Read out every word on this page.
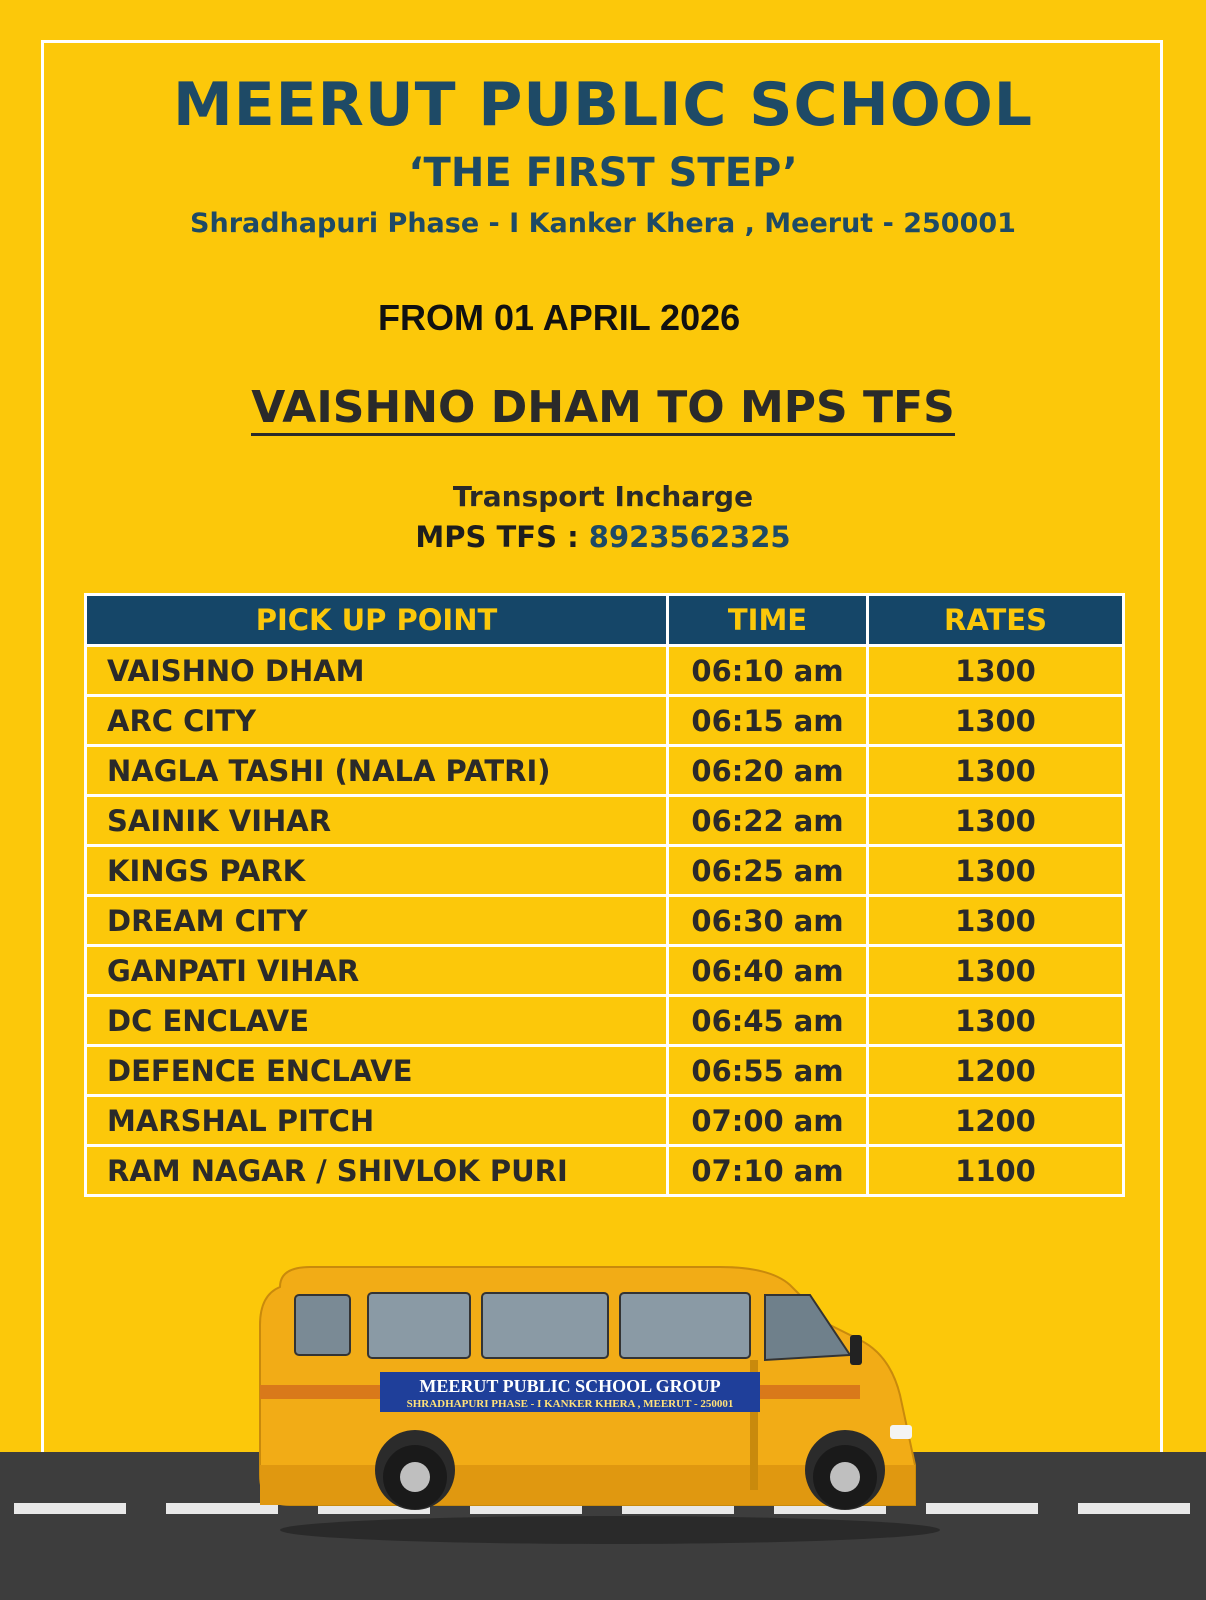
MEERUT PUBLIC SCHOOL
‘THE FIRST STEP’
Shradhapuri Phase - I Kanker Khera , Meerut - 250001
FROM 01 APRIL 2026
VAISHNO DHAM TO MPS TFS
Transport Incharge
MPS TFS : 8923562325
PICK UP POINT	TIME	RATES
VAISHNO DHAM	06:10 am	1300
ARC CITY	06:15 am	1300
NAGLA TASHI (NALA PATRI)	06:20 am	1300
SAINIK VIHAR	06:22 am	1300
KINGS PARK	06:25 am	1300
DREAM CITY	06:30 am	1300
GANPATI VIHAR	06:40 am	1300
DC ENCLAVE	06:45 am	1300
DEFENCE ENCLAVE	06:55 am	1200
MARSHAL PITCH	07:00 am	1200
RAM NAGAR / SHIVLOK PURI	07:10 am	1100
MEERUT PUBLIC SCHOOL GROUP
SHRADHAPURI PHASE - I KANKER KHERA , MEERUT - 250001
